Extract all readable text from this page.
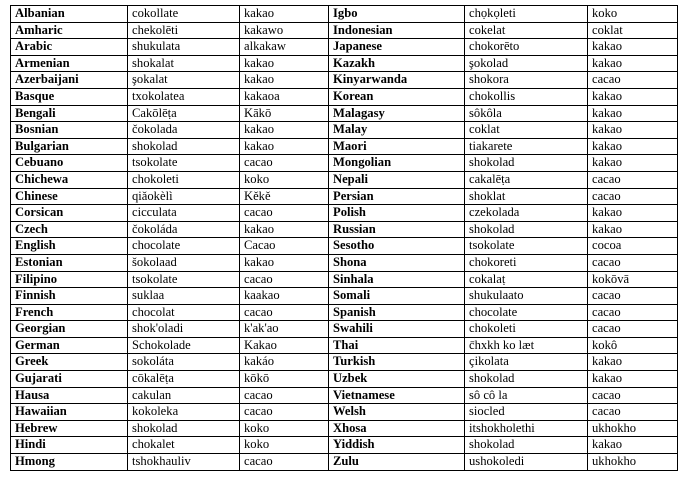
Albanian	cokollate	kakao	Igbo	chọkọleti	koko
Amharic	chekolēti	kakawo	Indonesian	cokelat	coklat
Arabic	shukulata	alkakaw	Japanese	chokorēto	kakao
Armenian	shokalat	kakao	Kazakh	şokolad	kakao
Azerbaijani	şokalat	kakao	Kinyarwanda	shokora	cacao
Basque	txokolatea	kakaoa	Korean	chokollis	kakao
Bengali	Cakōlēṭa	Kākō	Malagasy	sôkôla	kakao
Bosnian	čokolada	kakao	Malay	coklat	kakao
Bulgarian	shokolad	kakao	Maori	tiakarete	kakao
Cebuano	tsokolate	cacao	Mongolian	shokolad	kakao
Chichewa	chokoleti	koko	Nepali	cakalēṭa	cacao
Chinese	qiǎokèlì	Kěkě	Persian	shoklat	cacao
Corsican	cicculata	cacao	Polish	czekolada	kakao
Czech	čokoláda	kakao	Russian	shokolad	kakao
English	chocolate	Cacao	Sesotho	tsokolate	cocoa
Estonian	šokolaad	kakao	Shona	chokoreti	cacao
Filipino	tsokolate	cacao	Sinhala	cokalaṭ	kokōvā
Finnish	suklaa	kaakao	Somali	shukulaato	cacao
French	chocolat	cacao	Spanish	chocolate	cacao
Georgian	shok'oladi	k'ak'ao	Swahili	chokoleti	cacao
German	Schokolade	Kakao	Thai	c̄hxkh ko læt	kokô
Greek	sokoláta	kakáo	Turkish	çikolata	kakao
Gujarati	cōkalēṭa	kōkō	Uzbek	shokolad	kakao
Hausa	cakulan	cacao	Vietnamese	sô cô la	cacao
Hawaiian	kokoleka	cacao	Welsh	siocled	cacao
Hebrew	shokolad	koko	Xhosa	itshokholethi	ukhokho
Hindi	chokalet	koko	Yiddish	shokolad	kakao
Hmong	tshokhauliv	cacao	Zulu	ushokoledi	ukhokho
